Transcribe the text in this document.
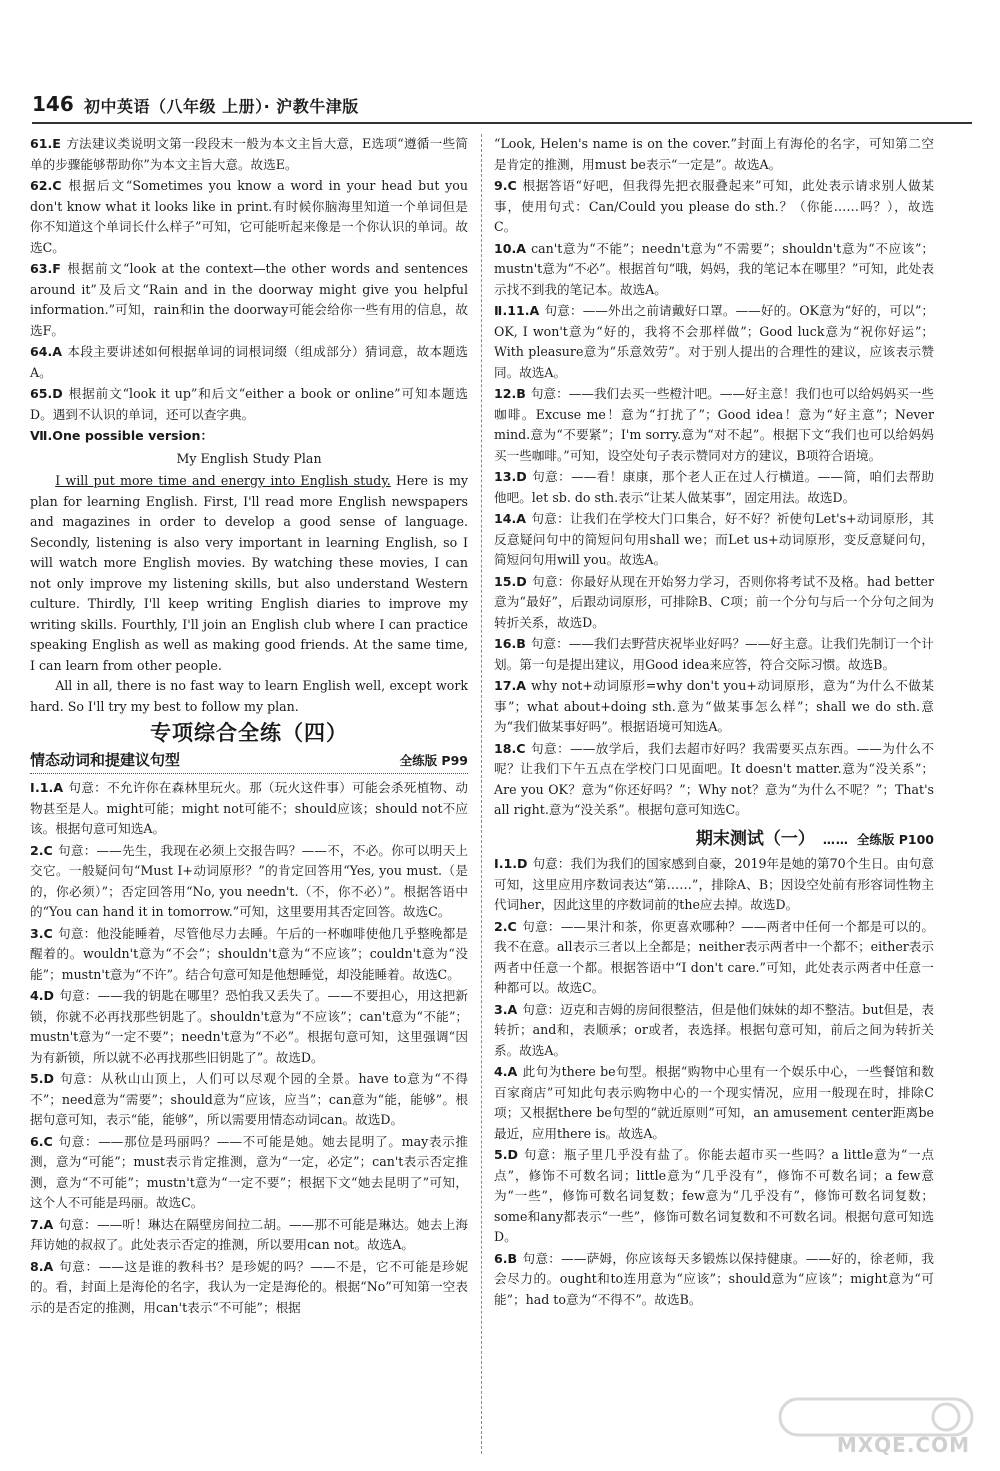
146 初中英语（八年级 上册）· 沪教牛津版
61.E 方法建议类说明文第一段段末一般为本文主旨大意，E选项“遵循一些简单的步骤能够帮助你”为本文主旨大意。故选E。
62.C 根据后文“Sometimes you know a word in your head but you don't know what it looks like in print.有时候你脑海里知道一个单词但是你不知道这个单词长什么样子”可知，它可能听起来像是一个你认识的单词。故选C。
63.F 根据前文“look at the context—the other words and sentences around it”及后文“Rain and in the doorway might give you helpful information.”可知，rain和in the doorway可能会给你一些有用的信息，故选F。
64.A 本段主要讲述如何根据单词的词根词缀（组成部分）猜词意，故本题选A。
65.D 根据前文“look it up”和后文“either a book or online”可知本题选D。遇到不认识的单词，还可以查字典。
Ⅶ.One possible version：
My English Study Plan

I will put more time and energy into English study. Here is my plan for learning English. First, I'll read more English newspapers and magazines in order to develop a good sense of language. Secondly, listening is also very important in learning English, so I will watch more English movies. By watching these movies, I can not only improve my listening skills, but also understand Western culture. Thirdly, I'll keep writing English diaries to improve my writing skills. Fourthly, I'll join an English club where I can practice speaking English as well as making good friends. At the same time, I can learn from other people.

All in all, there is no fast way to learn English well, except work hard. So I'll try my best to follow my plan.

专项综合全练（四）
情态动词和提建议句型	全练版 P99
Ⅰ.1.A 句意：不允许你在森林里玩火。那（玩火这件事）可能会杀死植物、动物甚至是人。might可能；might not可能不；should应该；should not不应该。根据句意可知选A。
2.C 句意：——先生，我现在必须上交报告吗？——不，不必。你可以明天上交它。一般疑问句“Must I+动词原形？”的肯定回答用“Yes, you must.（是的，你必须）”；否定回答用“No, you needn't.（不，你不必）”。根据答语中的“You can hand it in tomorrow.”可知，这里要用其否定回答。故选C。
3.C 句意：他没能睡着，尽管他尽力去睡。午后的一杯咖啡使他几乎整晚都是醒着的。wouldn't意为“不会”；shouldn't意为“不应该”；couldn't意为“没能”；mustn't意为“不许”。结合句意可知是他想睡觉，却没能睡着。故选C。
4.D 句意：——我的钥匙在哪里？恐怕我又丢失了。——不要担心，用这把新锁，你就不必再找那些钥匙了。shouldn't意为“不应该”；can't意为“不能”；mustn't意为“一定不要”；needn't意为“不必”。根据句意可知，这里强调“因为有新锁，所以就不必再找那些旧钥匙了”。故选D。
5.D 句意：从秋山山顶上，人们可以尽观个园的全景。have to意为“不得不”；need意为“需要”；should意为“应该，应当”；can意为“能，能够”。根据句意可知，表示“能，能够”，所以需要用情态动词can。故选D。
6.C 句意：——那位是玛丽吗？——不可能是她。她去昆明了。may表示推测，意为“可能”；must表示肯定推测，意为“一定，必定”；can't表示否定推测，意为“不可能”；mustn't意为“一定不要”；根据下文“她去昆明了”可知，这个人不可能是玛丽。故选C。
7.A 句意：——听！琳达在隔壁房间拉二胡。——那不可能是琳达。她去上海拜访她的叔叔了。此处表示否定的推测，所以要用can not。故选A。
8.A 句意：——这是谁的教科书？是珍妮的吗？——不是，它不可能是珍妮的。看，封面上是海伦的名字，我认为一定是海伦的。根据“No”可知第一空表示的是否定的推测，用can't表示“不可能”；根据
“Look, Helen's name is on the cover.”封面上有海伦的名字，可知第二空是肯定的推测，用must be表示“一定是”。故选A。
9.C 根据答语“好吧，但我得先把衣服叠起来”可知，此处表示请求别人做某事，使用句式：Can/Could you please do sth.？（你能……吗？），故选C。
10.A can't意为“不能”；needn't意为“不需要”；shouldn't意为“不应该”；mustn't意为“不必”。根据首句“哦，妈妈，我的笔记本在哪里？”可知，此处表示找不到我的笔记本。故选A。
Ⅱ.11.A 句意：——外出之前请戴好口罩。——好的。OK意为“好的，可以”；OK, I won't意为“好的，我将不会那样做”；Good luck意为“祝你好运”；With pleasure意为“乐意效劳”。对于别人提出的合理性的建议，应该表示赞同。故选A。
12.B 句意：——我们去买一些橙汁吧。——好主意！我们也可以给妈妈买一些咖啡。Excuse me！意为“打扰了”；Good idea！意为“好主意”；Never mind.意为“不要紧”；I'm sorry.意为“对不起”。根据下文“我们也可以给妈妈买一些咖啡。”可知，设空处句子表示赞同对方的建议，B项符合语境。
13.D 句意：——看！康康，那个老人正在过人行横道。——简，咱们去帮助他吧。let sb. do sth.表示“让某人做某事”，固定用法。故选D。
14.A 句意：让我们在学校大门口集合，好不好？祈使句Let's+动词原形，其反意疑问句中的简短问句用shall we；而Let us+动词原形，变反意疑问句，简短问句用will you。故选A。
15.D 句意：你最好从现在开始努力学习，否则你将考试不及格。had better意为“最好”，后跟动词原形，可排除B、C项；前一个分句与后一个分句之间为转折关系，故选D。
16.B 句意：——我们去野营庆祝毕业好吗？——好主意。让我们先制订一个计划。第一句是提出建议，用Good idea来应答，符合交际习惯。故选B。
17.A why not+动词原形=why don't you+动词原形，意为“为什么不做某事”；what about+doing sth.意为“做某事怎么样”；shall we do sth.意为“我们做某事好吗”。根据语境可知选A。
18.C 句意：——放学后，我们去超市好吗？我需要买点东西。——为什么不呢？让我们下午五点在学校门口见面吧。It doesn't matter.意为“没关系”；Are you OK？意为“你还好吗？”；Why not？意为“为什么不呢？”；That's all right.意为“没关系”。根据句意可知选C。
期末测试（一） …… 全练版 P100
Ⅰ.1.D 句意：我们为我们的国家感到自豪，2019年是她的第70个生日。由句意可知，这里应用序数词表达“第……”，排除A、B；因设空处前有形容词性物主代词her，因此这里的序数词前的the应去掉。故选D。
2.C 句意：——果汁和茶，你更喜欢哪种？——两者中任何一个都是可以的。我不在意。all表示三者以上全都是；neither表示两者中一个都不；either表示两者中任意一个都。根据答语中“I don't care.”可知，此处表示两者中任意一种都可以。故选C。
3.A 句意：迈克和吉姆的房间很整洁，但是他们妹妹的却不整洁。but但是，表转折；and和，表顺承；or或者，表选择。根据句意可知，前后之间为转折关系。故选A。
4.A 此句为there be句型。根据“购物中心里有一个娱乐中心，一些餐馆和数百家商店”可知此句表示购物中心的一个现实情况，应用一般现在时，排除C项；又根据there be句型的“就近原则”可知，an amusement center距离be最近，应用there is。故选A。
5.D 句意：瓶子里几乎没有盐了。你能去超市买一些吗？a little意为“一点点”，修饰不可数名词；little意为“几乎没有”，修饰不可数名词；a few意为“一些”，修饰可数名词复数；few意为“几乎没有”，修饰可数名词复数；some和any都表示“一些”，修饰可数名词复数和不可数名词。根据句意可知选D。
6.B 句意：——萨姆，你应该每天多锻炼以保持健康。——好的，徐老师，我会尽力的。ought和to连用意为“应该”；should意为“应该”；might意为“可能”；had to意为“不得不”。故选B。
MXQE.COM
